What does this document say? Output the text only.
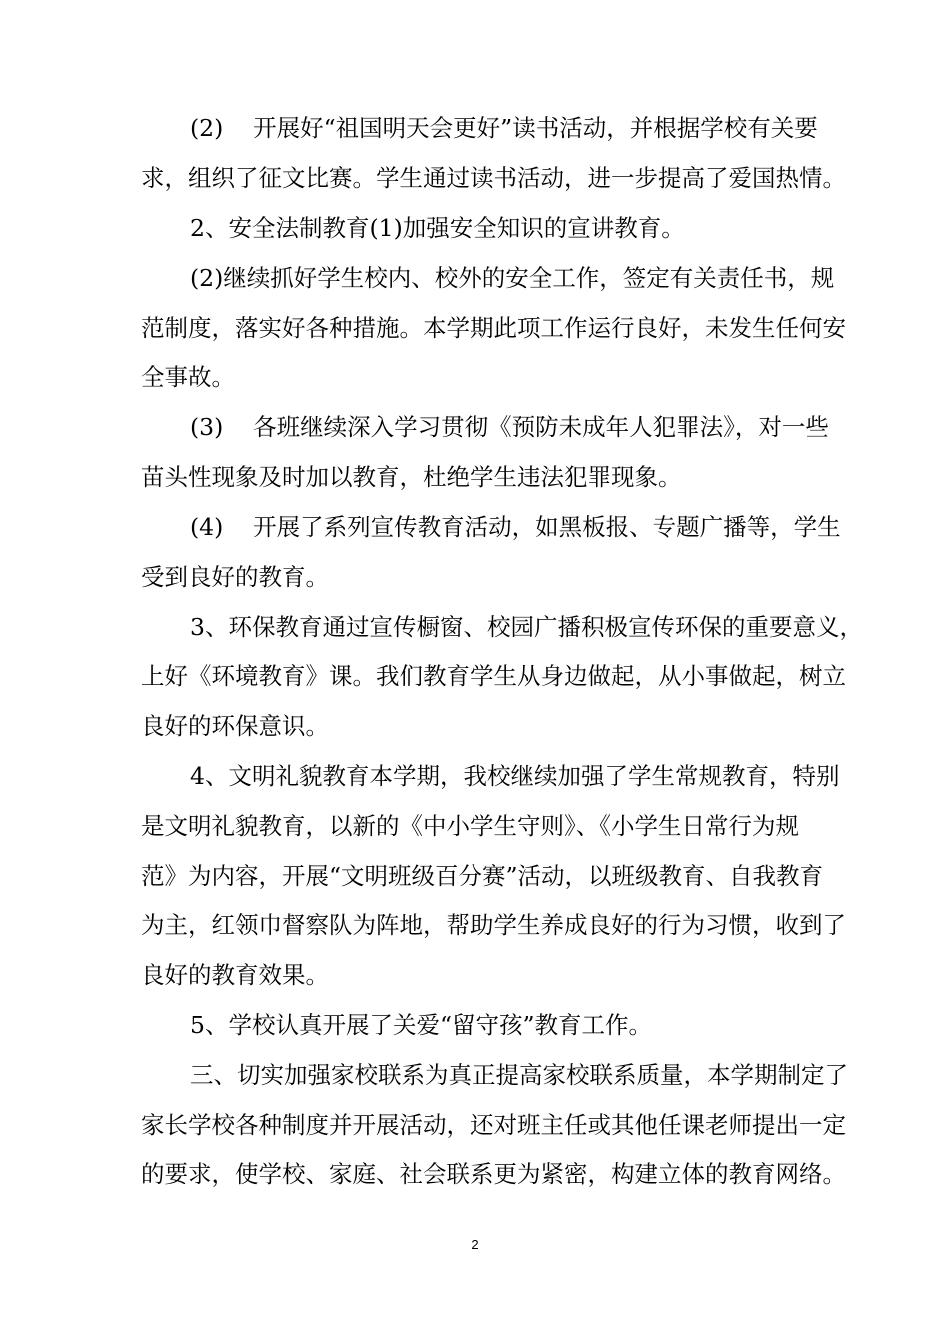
(2)    开展好“祖国明天会更好”读书活动，并根据学校有关要
求，组织了征文比赛。学生通过读书活动，进一步提高了爱国热情。
2、安全法制教育(1)加强安全知识的宣讲教育。
(2)继续抓好学生校内、校外的安全工作，签定有关责任书，规
范制度，落实好各种措施。本学期此项工作运行良好，未发生任何安
全事故。
(3)    各班继续深入学习贯彻《预防未成年人犯罪法》，对一些
苗头性现象及时加以教育，杜绝学生违法犯罪现象。
(4)    开展了系列宣传教育活动，如黑板报、专题广播等，学生
受到良好的教育。
3、环保教育通过宣传橱窗、校园广播积极宣传环保的重要意义，
上好《环境教育》课。我们教育学生从身边做起，从小事做起，树立
良好的环保意识。
4、文明礼貌教育本学期，我校继续加强了学生常规教育，特别
是文明礼貌教育，以新的《中小学生守则》、《小学生日常行为规
范》为内容，开展“文明班级百分赛”活动，以班级教育、自我教育
为主，红领巾督察队为阵地，帮助学生养成良好的行为习惯，收到了
良好的教育效果。
5、学校认真开展了关爱“留守孩”教育工作。
三、切实加强家校联系为真正提高家校联系质量，本学期制定了
家长学校各种制度并开展活动，还对班主任或其他任课老师提出一定
的要求，使学校、家庭、社会联系更为紧密，构建立体的教育网络。
2
